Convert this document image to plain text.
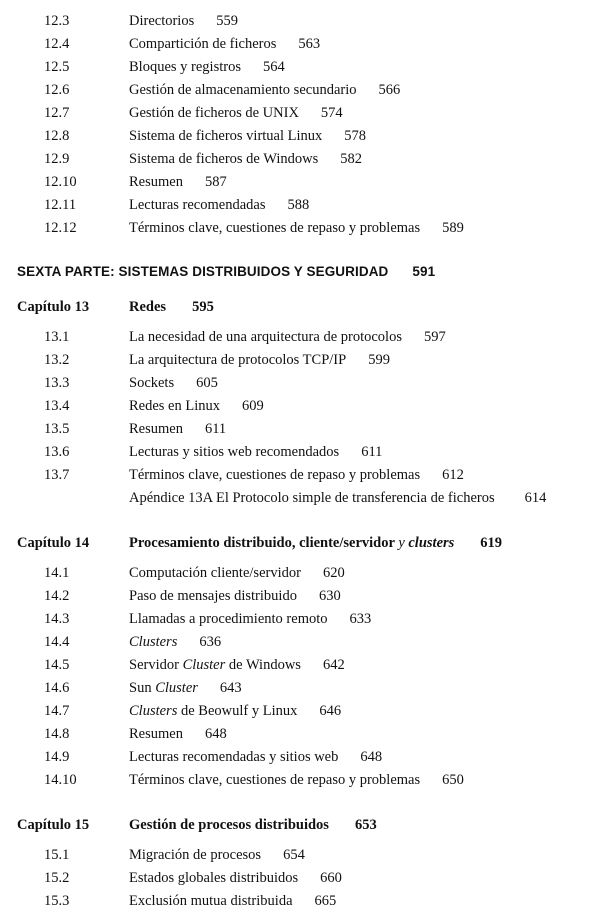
12.3	Directorios 559
12.4	Compartición de ficheros 563
12.5	Bloques y registros 564
12.6	Gestión de almacenamiento secundario 566
12.7	Gestión de ficheros de UNIX 574
12.8	Sistema de ficheros virtual Linux 578
12.9	Sistema de ficheros de Windows 582
12.10	Resumen 587
12.11	Lecturas recomendadas 588
12.12	Términos clave, cuestiones de repaso y problemas 589
SEXTA PARTE: SISTEMAS DISTRIBUIDOS Y SEGURIDAD 591
Capítulo 13	Redes 595
13.1	La necesidad de una arquitectura de protocolos 597
13.2	La arquitectura de protocolos TCP/IP 599
13.3	Sockets 605
13.4	Redes en Linux 609
13.5	Resumen 611
13.6	Lecturas y sitios web recomendados 611
13.7	Términos clave, cuestiones de repaso y problemas 612
Apéndice 13A El Protocolo simple de transferencia de ficheros 614
Capítulo 14	Procesamiento distribuido, cliente/servidor y clusters 619
14.1	Computación cliente/servidor 620
14.2	Paso de mensajes distribuido 630
14.3	Llamadas a procedimiento remoto 633
14.4	Clusters 636
14.5	Servidor Cluster de Windows 642
14.6	Sun Cluster 643
14.7	Clusters de Beowulf y Linux 646
14.8	Resumen 648
14.9	Lecturas recomendadas y sitios web 648
14.10	Términos clave, cuestiones de repaso y problemas 650
Capítulo 15	Gestión de procesos distribuidos 653
15.1	Migración de procesos 654
15.2	Estados globales distribuidos 660
15.3	Exclusión mutua distribuida 665
